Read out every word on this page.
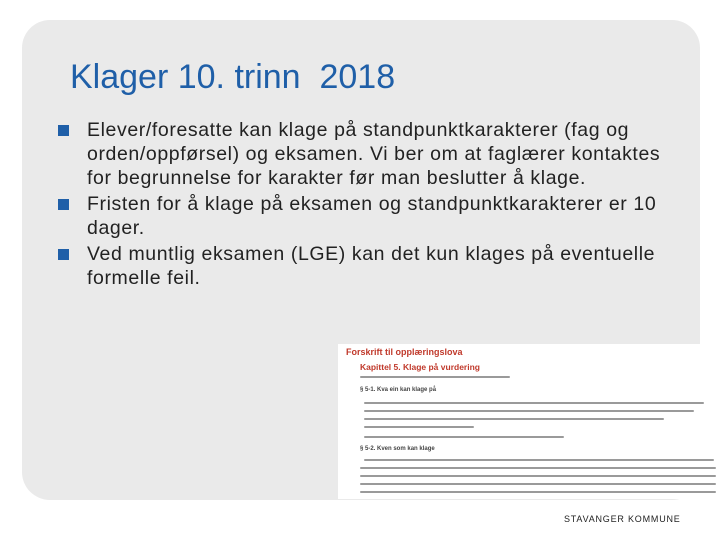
Klager 10. trinn  2018
Elever/foresatte kan klage på standpunktkarakterer (fag og orden/oppførsel) og eksamen. Vi ber om at faglærer kontaktes for begrunnelse for karakter før man beslutter å klage.
Fristen for å klage på eksamen og standpunktkarakterer er 10 dager.
Ved muntlig eksamen (LGE) kan det kun klages på eventuelle formelle feil.
Forskrift til opplæringslova
Kapittel 5. Klage på vurdering
§ 5-1. Kva ein kan klage på
§ 5-2. Kven som kan klage
STAVANGER KOMMUNE
